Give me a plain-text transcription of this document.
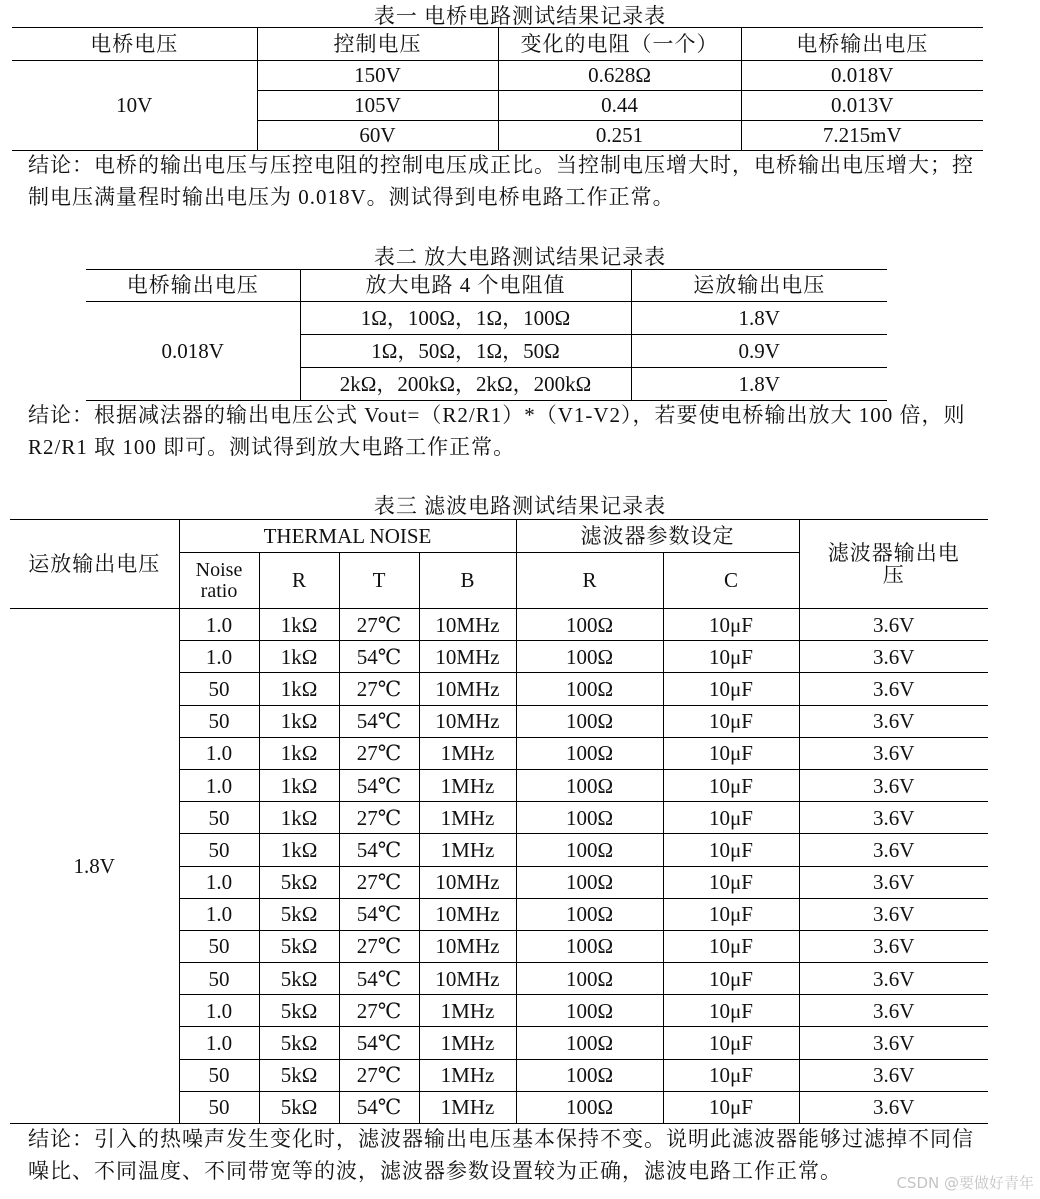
表一 电桥电路测试结果记录表
电桥电压	控制电压	变化的电阻（一个）	电桥输出电压
10V	150V	0.628Ω	0.018V
	105V	0.44	0.013V
	60V	0.251	7.215mV
结论：电桥的输出电压与压控电阻的控制电压成正比。当控制电压增大时，电桥输出电压增大；控制电压满量程时输出电压为 0.018V。测试得到电桥电路工作正常。
表二 放大电路测试结果记录表
电桥输出电压	放大电路 4 个电阻值	运放输出电压
0.018V	1Ω，100Ω，1Ω，100Ω	1.8V
	1Ω，50Ω，1Ω，50Ω	0.9V
	2kΩ，200kΩ，2kΩ，200kΩ	1.8V
结论：根据减法器的输出电压公式 Vout=（R2/R1）*（V1-V2），若要使电桥输出放大 100 倍，则 R2/R1 取 100 即可。测试得到放大电路工作正常。
表三 滤波电路测试结果记录表
运放输出电压	THERMAL NOISE				滤波器参数设定		滤波器输出电压
	Noise ratio	R	T	B	R	C	
1.8V	1.0	1kΩ	27℃	10MHz	100Ω	10μF	3.6V
	1.0	1kΩ	54℃	10MHz	100Ω	10μF	3.6V
	50	1kΩ	27℃	10MHz	100Ω	10μF	3.6V
	50	1kΩ	54℃	10MHz	100Ω	10μF	3.6V
	1.0	1kΩ	27℃	1MHz	100Ω	10μF	3.6V
	1.0	1kΩ	54℃	1MHz	100Ω	10μF	3.6V
	50	1kΩ	27℃	1MHz	100Ω	10μF	3.6V
	50	1kΩ	54℃	1MHz	100Ω	10μF	3.6V
	1.0	5kΩ	27℃	10MHz	100Ω	10μF	3.6V
	1.0	5kΩ	54℃	10MHz	100Ω	10μF	3.6V
	50	5kΩ	27℃	10MHz	100Ω	10μF	3.6V
	50	5kΩ	54℃	10MHz	100Ω	10μF	3.6V
	1.0	5kΩ	27℃	1MHz	100Ω	10μF	3.6V
	1.0	5kΩ	54℃	1MHz	100Ω	10μF	3.6V
	50	5kΩ	27℃	1MHz	100Ω	10μF	3.6V
	50	5kΩ	54℃	1MHz	100Ω	10μF	3.6V
结论：引入的热噪声发生变化时，滤波器输出电压基本保持不变。说明此滤波器能够过滤掉不同信噪比、不同温度、不同带宽等的波，滤波器参数设置较为正确，滤波电路工作正常。	CSDN @要做好青年
